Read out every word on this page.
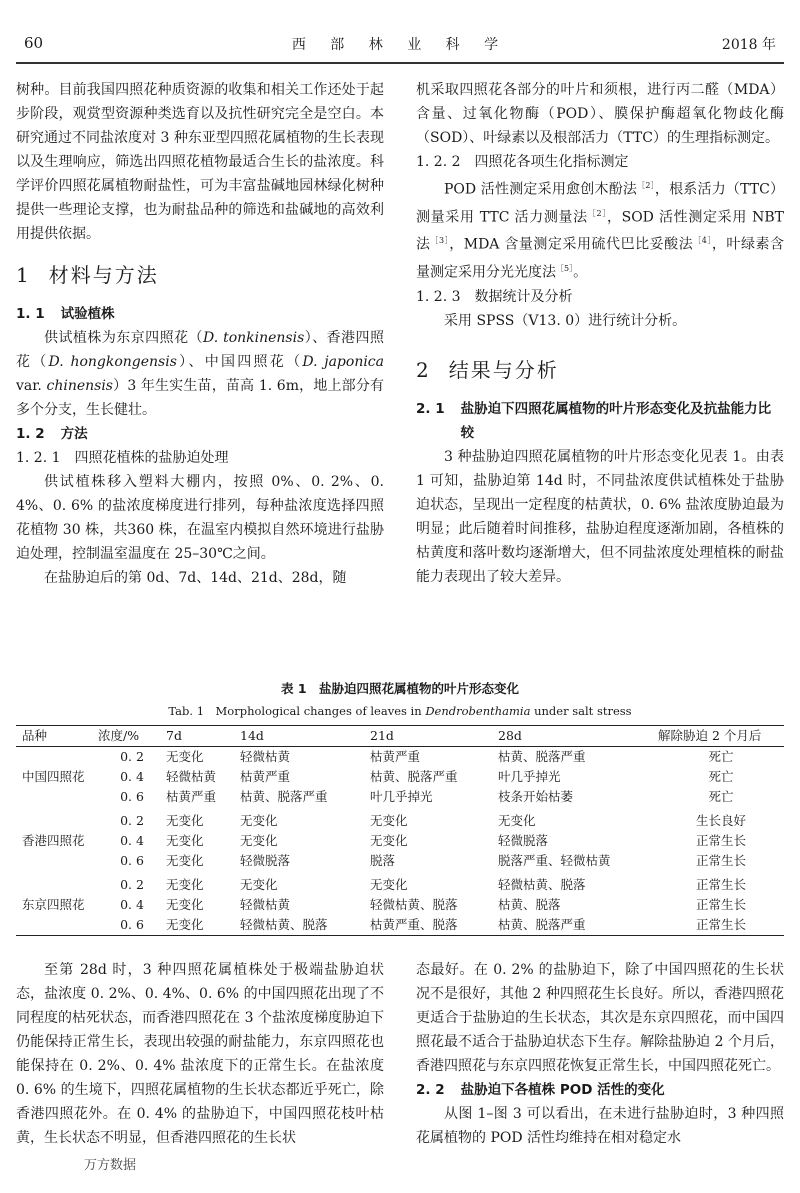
60	西 部 林 业 科 学	2018 年

树种。目前我国四照花种质资源的收集和相关工作还处于起步阶段，观赏型资源种类选育以及抗性研究完全是空白。本研究通过不同盐浓度对 3 种东亚型四照花属植物的生长表现以及生理响应，筛选出四照花植物最适合生长的盐浓度。科学评价四照花属植物耐盐性，可为丰富盐碱地园林绿化树种提供一些理论支撑，也为耐盐品种的筛选和盐碱地的高效利用提供依据。

1 材料与方法
1. 1 试验植株

供试植株为东京四照花（D. tonkinensis）、香港四照花（D. hongkongensis）、中国四照花（D. japonica var. chinensis）3 年生实生苗，苗高 1. 6m，地上部分有多个分支，生长健壮。

1. 2 方法
1. 2. 1 四照花植株的盐胁迫处理

供试植株移入塑料大棚内，按照 0%、0. 2%、0. 4%、0. 6% 的盐浓度梯度进行排列，每种盐浓度选择四照花植物 30 株，共360 株，在温室内模拟自然环境进行盐胁迫处理，控制温室温度在 25–30℃之间。

在盐胁迫后的第 0d、7d、14d、21d、28d，随

机采取四照花各部分的叶片和须根，进行丙二醛（MDA）含量、过氧化物酶（POD）、膜保护酶超氧化物歧化酶（SOD）、叶绿素以及根部活力（TTC）的生理指标测定。

1. 2. 2 四照花各项生化指标测定

POD 活性测定采用愈创木酚法$^{[2]}$，根系活力（TTC）测量采用 TTC 活力测量法$^{[2]}$，SOD 活性测定采用 NBT 法$^{[3]}$，MDA 含量测定采用硫代巴比妥酸法$^{[4]}$，叶绿素含量测定采用分光光度法$^{[5]}$。

1. 2. 3 数据统计及分析

采用 SPSS（V13. 0）进行统计分析。

2 结果与分析
2. 1 盐胁迫下四照花属植物的叶片形态变化及抗盐能力比较

3 种盐胁迫四照花属植物的叶片形态变化见表 1。由表 1 可知，盐胁迫第 14d 时，不同盐浓度供试植株处于盐胁迫状态，呈现出一定程度的枯黄状，0. 6% 盐浓度胁迫最为明显；此后随着时间推移，盐胁迫程度逐渐加剧，各植株的枯黄度和落叶数均逐渐增大，但不同盐浓度处理植株的耐盐能力表现出了较大差异。

表 1　盐胁迫四照花属植物的叶片形态变化
Tab. 1　Morphological changes of leaves in Dendrobenthamia under salt stress
品种	浓度/%	7d	14d	21d	28d	解除胁迫 2 个月后
	0. 2	无变化	轻微枯黄	枯黄严重	枯黄、脱落严重	死亡
中国四照花	0. 4	轻微枯黄	枯黄严重	枯黄、脱落严重	叶几乎掉光	死亡
	0. 6	枯黄严重	枯黄、脱落严重	叶几乎掉光	枝条开始枯萎	死亡
	0. 2	无变化	无变化	无变化	无变化	生长良好
香港四照花	0. 4	无变化	无变化	无变化	轻微脱落	正常生长
	0. 6	无变化	轻微脱落	脱落	脱落严重、轻微枯黄	正常生长
	0. 2	无变化	无变化	无变化	轻微枯黄、脱落	正常生长
东京四照花	0. 4	无变化	轻微枯黄	轻微枯黄、脱落	枯黄、脱落	正常生长
	0. 6	无变化	轻微枯黄、脱落	枯黄严重、脱落	枯黄、脱落严重	正常生长

至第 28d 时，3 种四照花属植株处于极端盐胁迫状态，盐浓度 0. 2%、0. 4%、0. 6% 的中国四照花出现了不同程度的枯死状态，而香港四照花在 3 个盐浓度梯度胁迫下仍能保持正常生长，表现出较强的耐盐能力，东京四照花也能保持在 0. 2%、0. 4% 盐浓度下的正常生长。在盐浓度 0. 6% 的生境下，四照花属植物的生长状态都近乎死亡，除香港四照花外。在 0. 4% 的盐胁迫下，中国四照花枝叶枯黄，生长状态不明显，但香港四照花的生长状

态最好。在 0. 2% 的盐胁迫下，除了中国四照花的生长状况不是很好，其他 2 种四照花生长良好。所以，香港四照花更适合于盐胁迫的生长状态，其次是东京四照花，而中国四照花最不适合于盐胁迫状态下生存。解除盐胁迫 2 个月后，香港四照花与东京四照花恢复正常生长，中国四照花死亡。

2. 2 盐胁迫下各植株 POD 活性的变化

从图 1–图 3 可以看出，在未进行盐胁迫时，3 种四照花属植物的 POD 活性均维持在相对稳定水

万方数据
